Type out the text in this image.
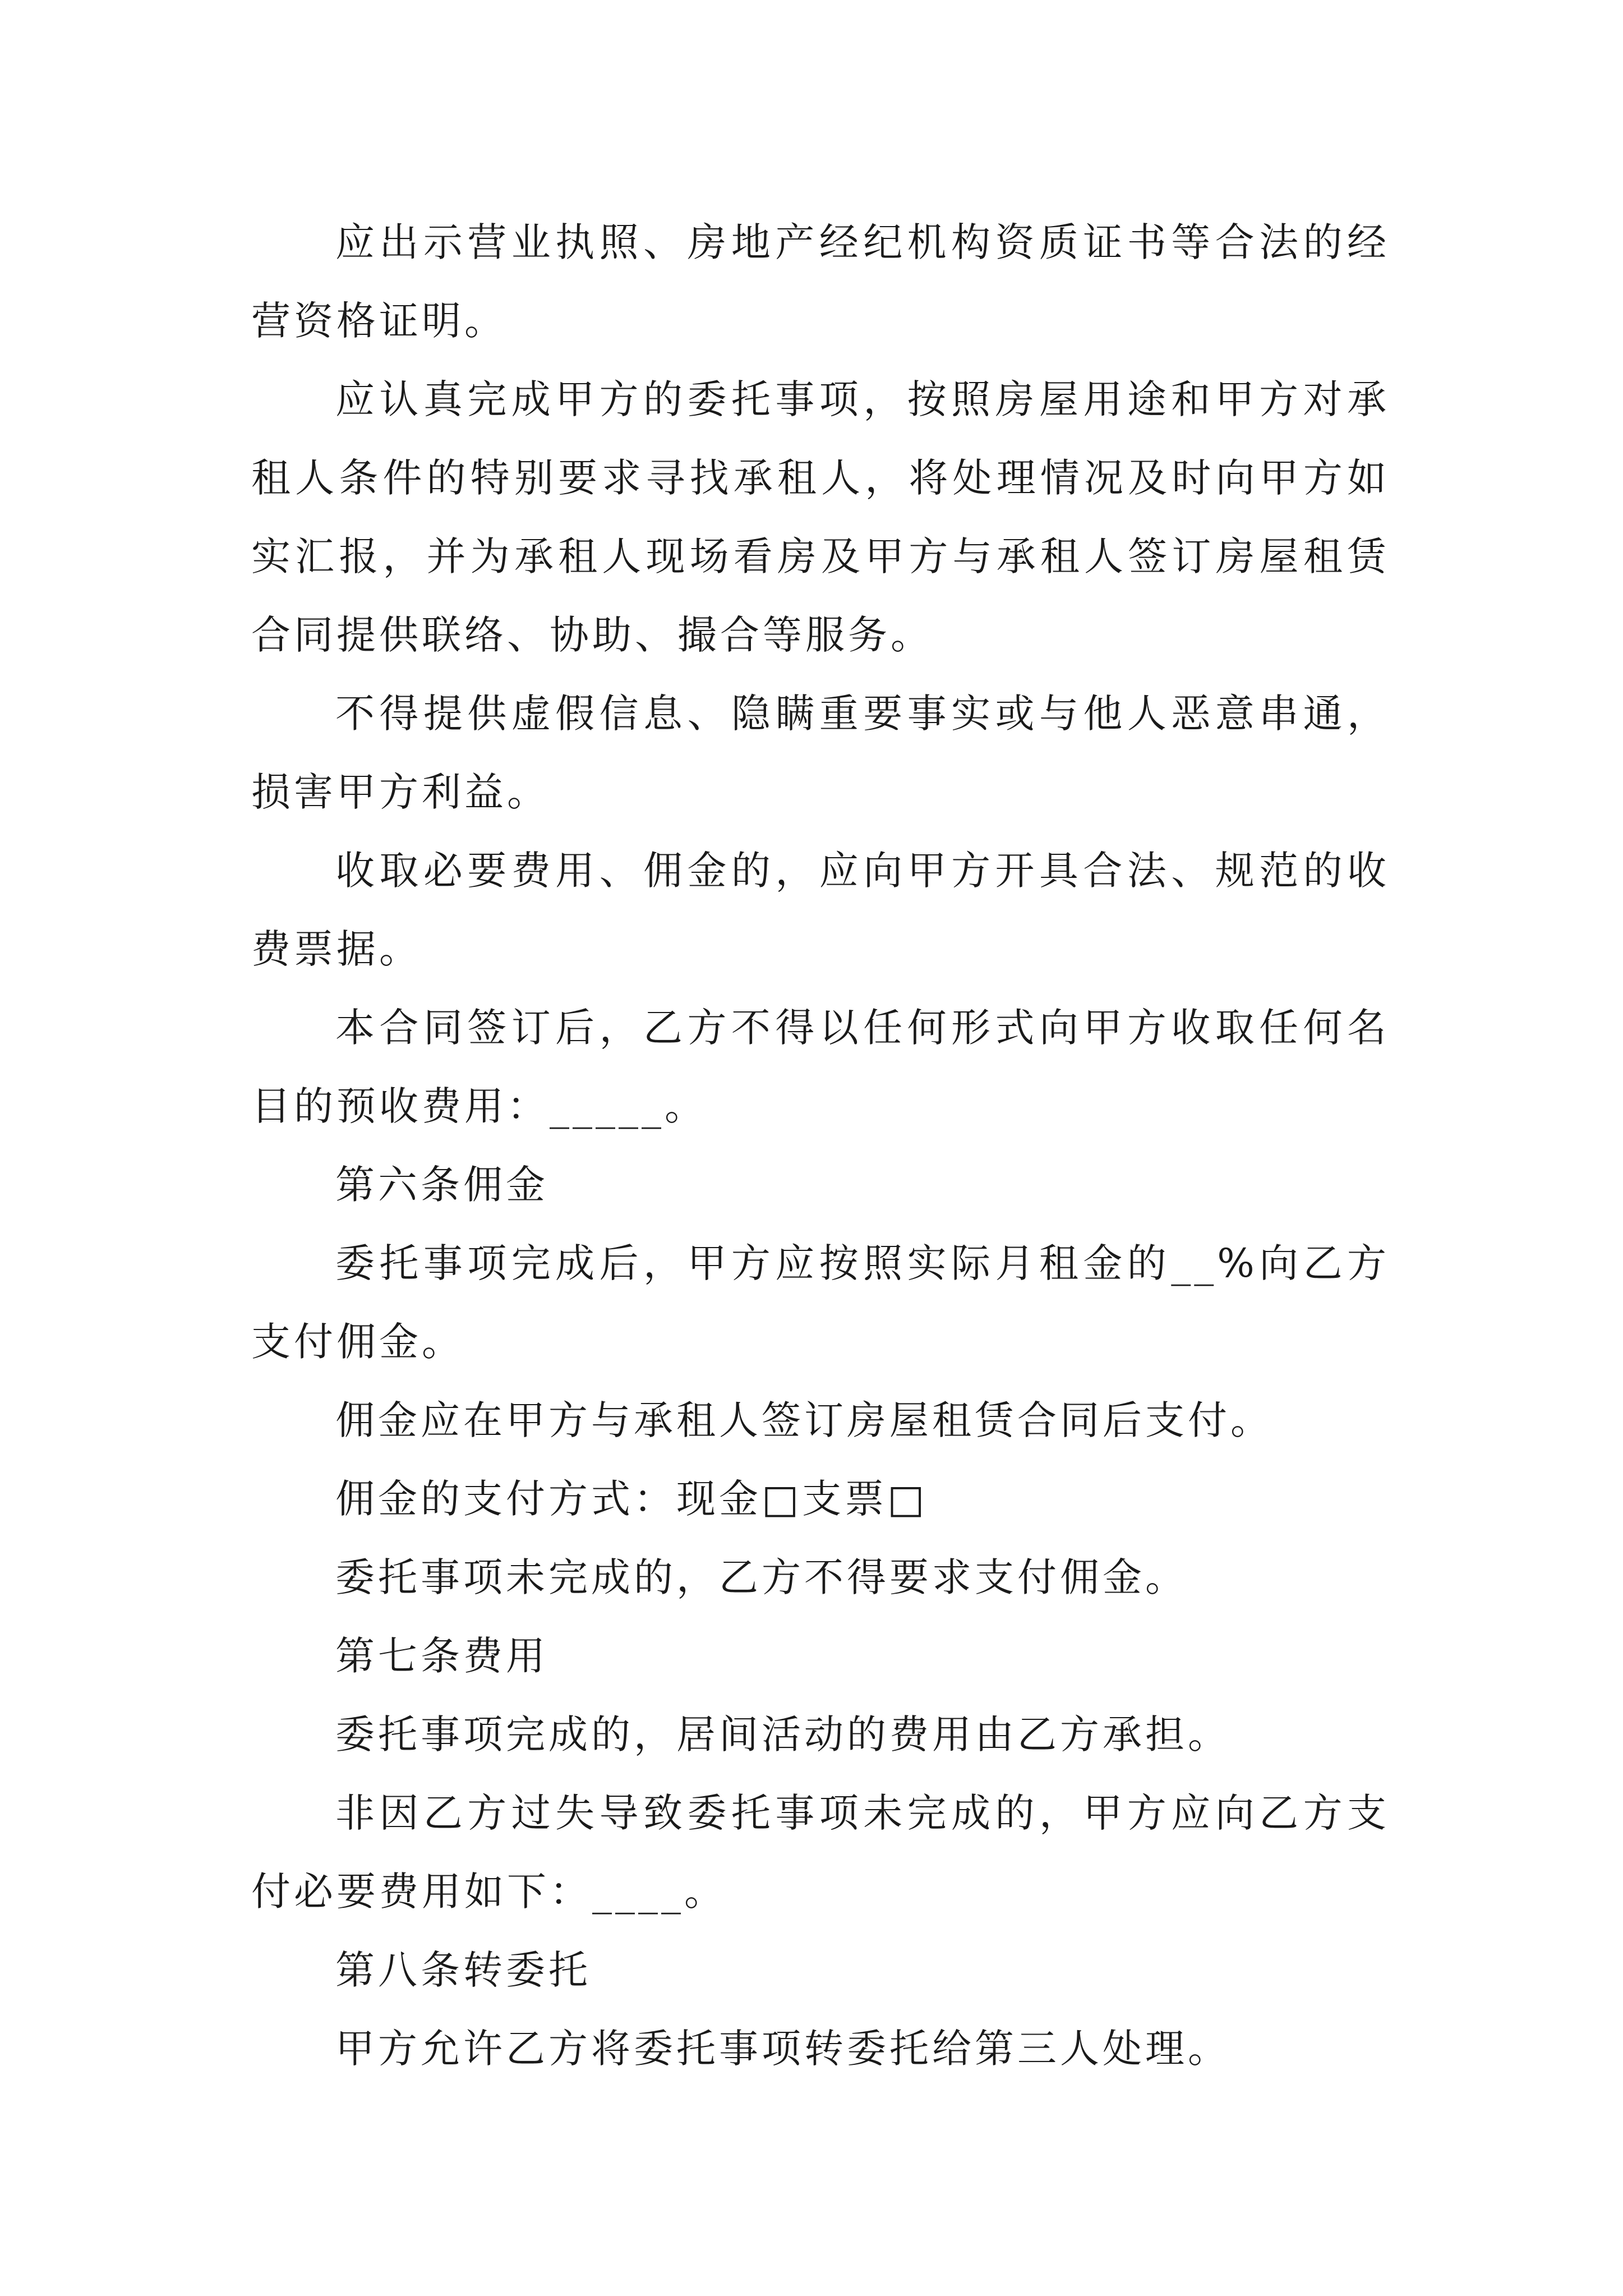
应出示营业执照、房地产经纪机构资质证书等合法的经营资格证明。

应认真完成甲方的委托事项，按照房屋用途和甲方对承租人条件的特别要求寻找承租人，将处理情况及时向甲方如实汇报，并为承租人现场看房及甲方与承租人签订房屋租赁合同提供联络、协助、撮合等服务。

不得提供虚假信息、隐瞒重要事实或与他人恶意串通，损害甲方利益。

收取必要费用、佣金的，应向甲方开具合法、规范的收费票据。

本合同签订后，乙方不得以任何形式向甲方收取任何名目的预收费用：_____。

第六条佣金

委托事项完成后，甲方应按照实际月租金的__%向乙方支付佣金。

佣金应在甲方与承租人签订房屋租赁合同后支付。

佣金的支付方式：现金□支票□

委托事项未完成的，乙方不得要求支付佣金。

第七条费用

委托事项完成的，居间活动的费用由乙方承担。

非因乙方过失导致委托事项未完成的，甲方应向乙方支付必要费用如下：____。

第八条转委托

甲方允许乙方将委托事项转委托给第三人处理。
